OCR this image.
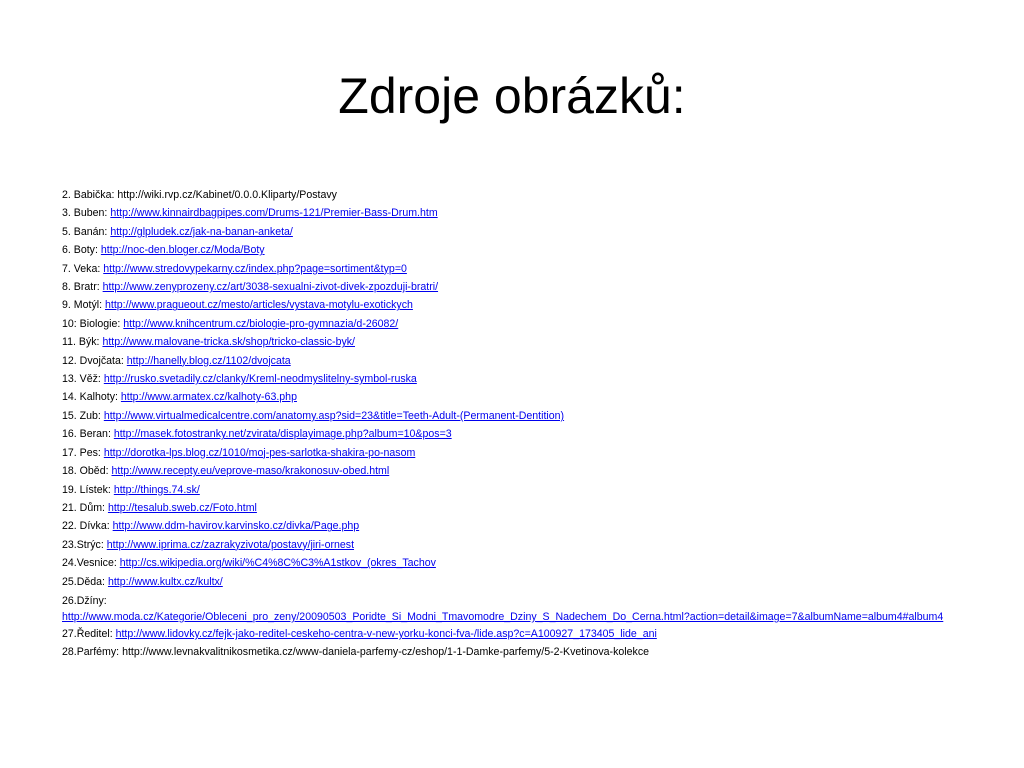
Zdroje obrázků:
2. Babička: http://wiki.rvp.cz/Kabinet/0.0.0.Kliparty/Postavy
3. Buben: http://www.kinnairdbagpipes.com/Drums-121/Premier-Bass-Drum.htm
5. Banán: http://glpludek.cz/jak-na-banan-anketa/
6. Boty: http://noc-den.bloger.cz/Moda/Boty
7. Veka: http://www.stredovypekarny.cz/index.php?page=sortiment&typ=0
8. Bratr: http://www.zenyprozeny.cz/art/3038-sexualni-zivot-divek-zpozduji-bratri/
9. Motýl: http://www.pragueout.cz/mesto/articles/vystava-motylu-exotickych
10: Biologie: http://www.knihcentrum.cz/biologie-pro-gymnazia/d-26082/
11. Býk: http://www.malovane-tricka.sk/shop/tricko-classic-byk/
12. Dvojčata: http://hanelly.blog.cz/1102/dvojcata
13. Věž: http://rusko.svetadily.cz/clanky/Kreml-neodmyslitelny-symbol-ruska
14. Kalhoty: http://www.armatex.cz/kalhoty-63.php
15. Zub: http://www.virtualmedicalcentre.com/anatomy.asp?sid=23&title=Teeth-Adult-(Permanent-Dentition)
16. Beran: http://masek.fotostranky.net/zvirata/displayimage.php?album=10&pos=3
17. Pes: http://dorotka-lps.blog.cz/1010/moj-pes-sarlotka-shakira-po-nasom
18. Oběd: http://www.recepty.eu/veprove-maso/krakonosuv-obed.html
19. Lístek: http://things.74.sk/
21. Dům: http://tesalub.sweb.cz/Foto.html
22. Dívka: http://www.ddm-havirov.karvinsko.cz/divka/Page.php
23.Strýc: http://www.iprima.cz/zazrakyzivota/postavy/jiri-ornest
24.Vesnice: http://cs.wikipedia.org/wiki/%C4%8C%C3%A1stkov_(okres_Tachov
25.Děda: http://www.kultx.cz/kultx/
26.Džíny:
http://www.moda.cz/Kategorie/Obleceni_pro_zeny/20090503_Poridte_Si_Modni_Tmavomodre_Dziny_S_Nadechem_Do_Cerna.html?action=detail&image=7&albumName=album4#album4
27.Ředitel: http://www.lidovky.cz/fejk-jako-reditel-ceskeho-centra-v-new-yorku-konci-fva-/lide.asp?c=A100927_173405_lide_ani
28.Parfémy: http://www.levnakvalitnikosmetika.cz/www-daniela-parfemy-cz/eshop/1-1-Damke-parfemy/5-2-Kvetinova-kolekce
